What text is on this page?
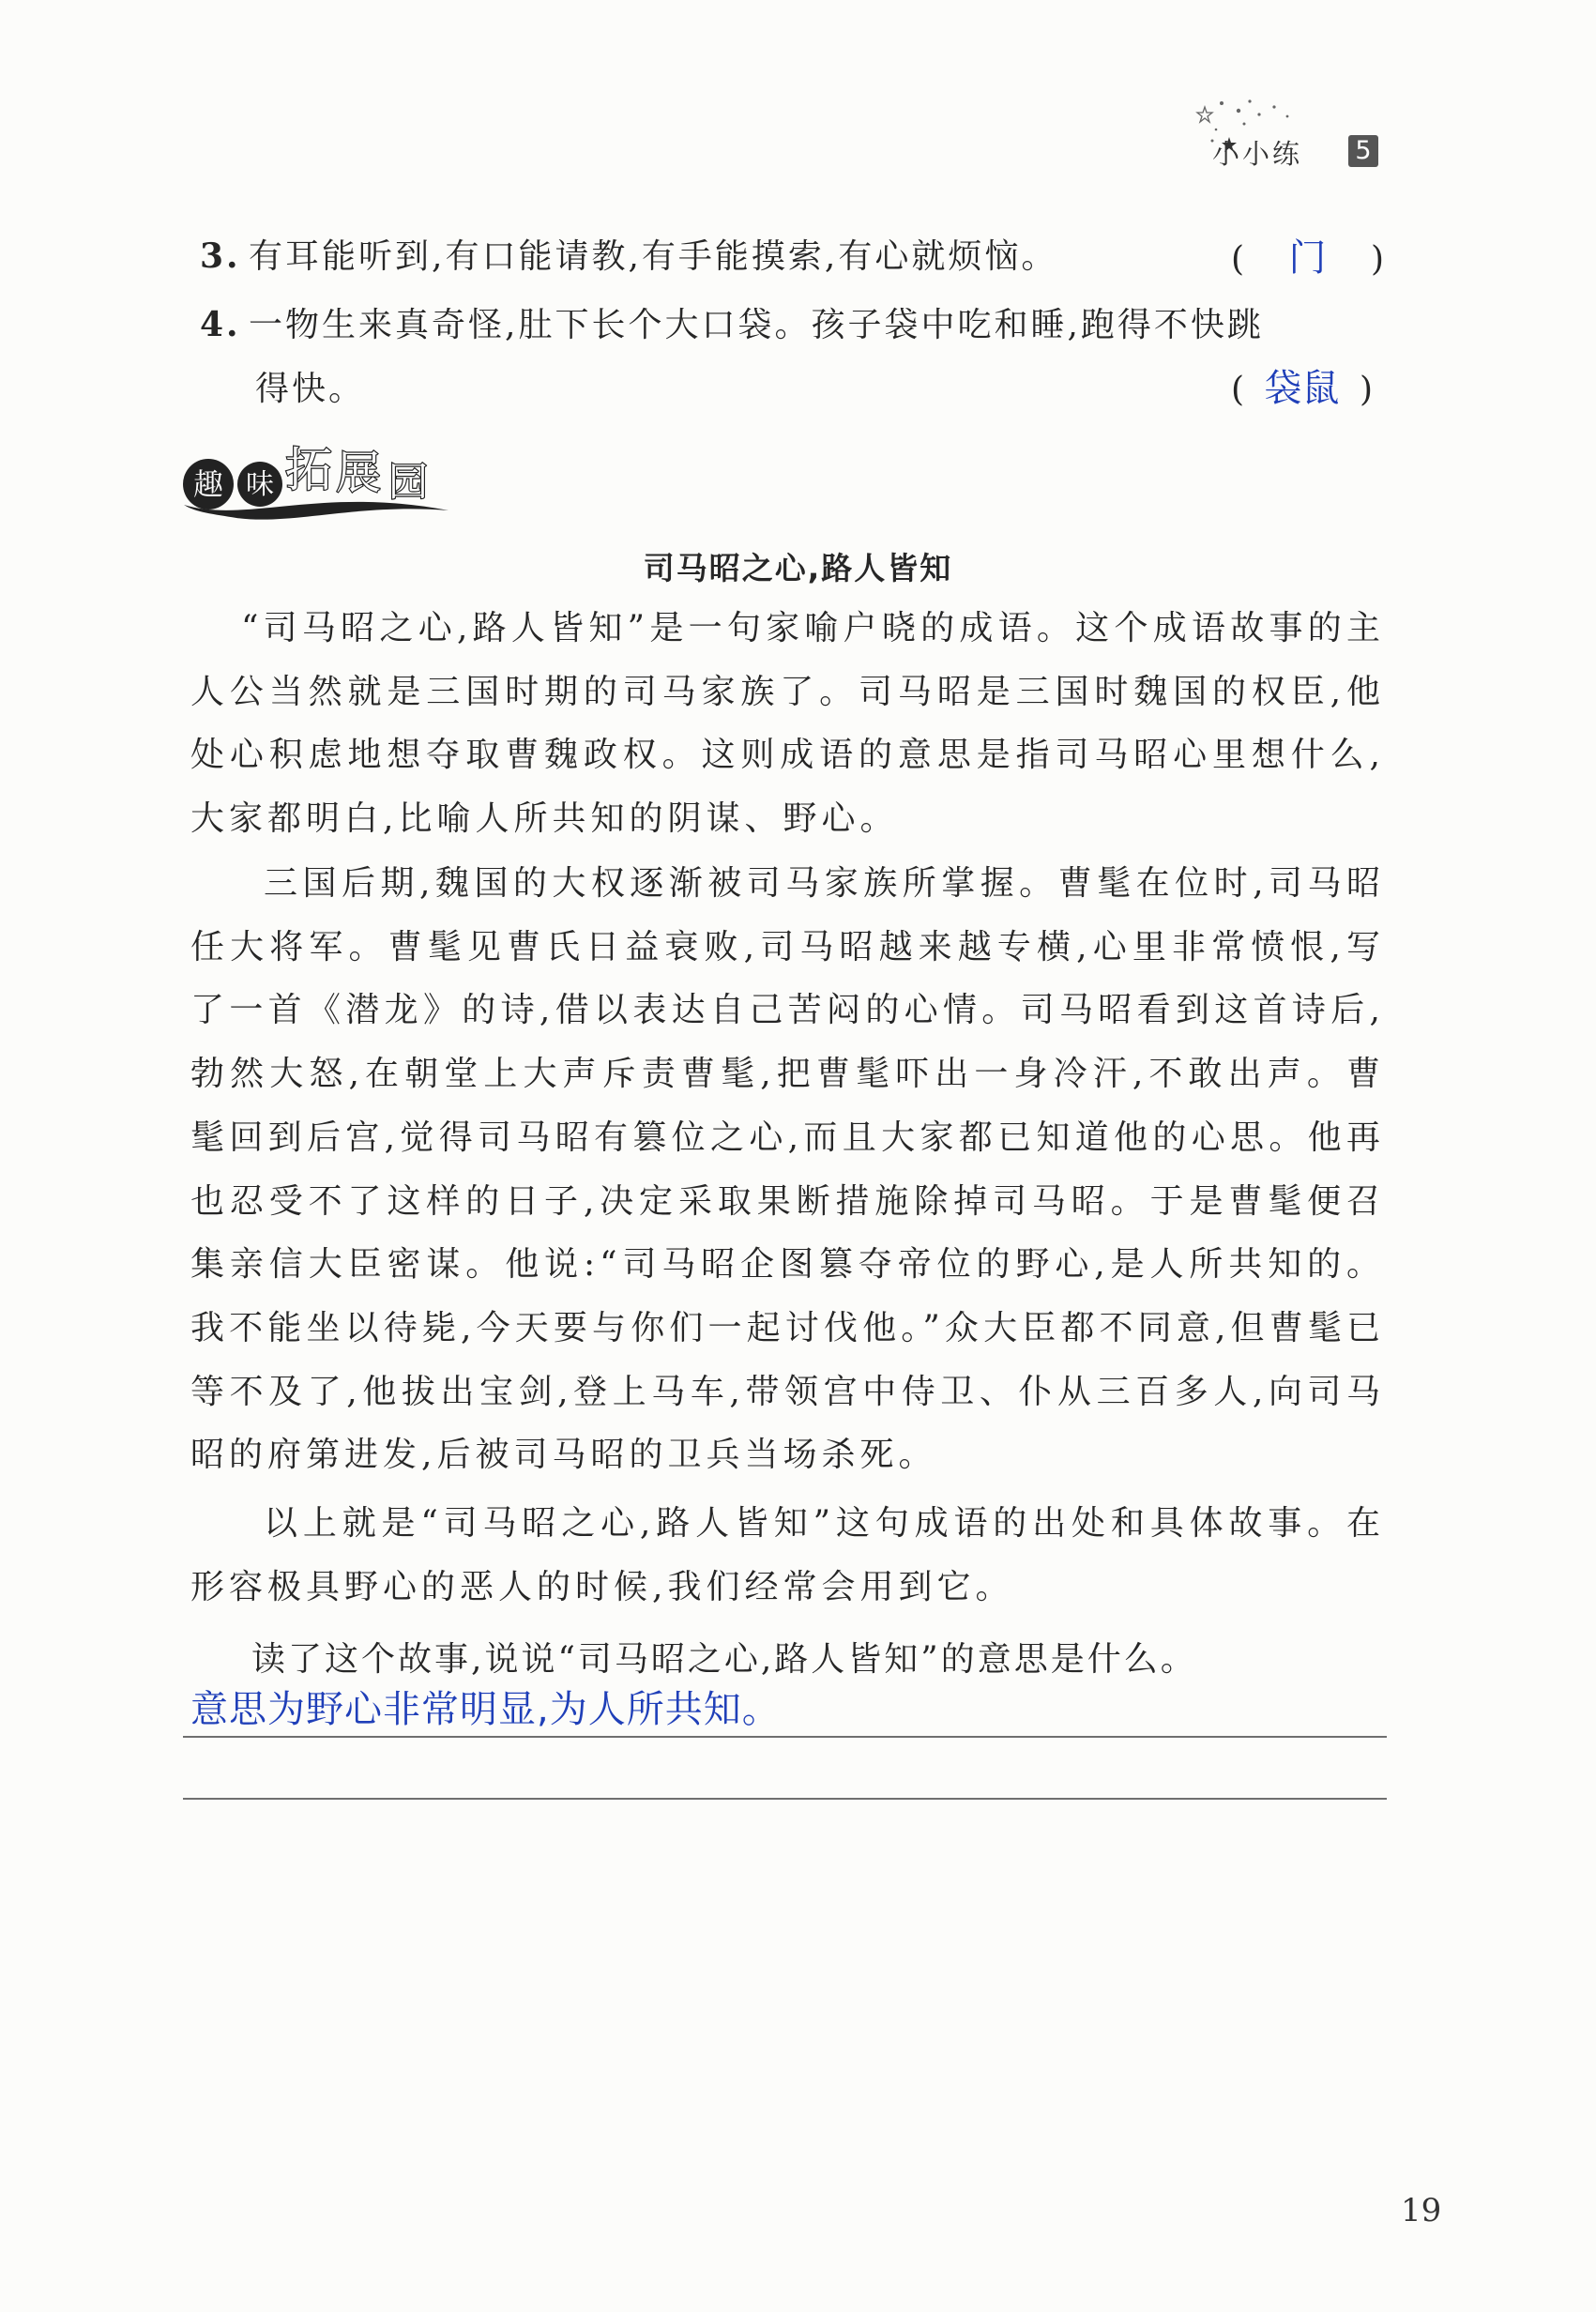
小小练 5
3. 有耳能听到,有口能请教,有手能摸索,有心就烦恼。	( 门 )
4. 一物生来真奇怪,肚下长个大口袋。孩子袋中吃和睡,跑得不快跳
得快。	( 袋鼠 )
趣 味 拓 展 园
司马昭之心,路人皆知

“司马昭之心,路人皆知”是一句家喻户晓的成语。这个成语故事的主人公当然就是三国时期的司马家族了。司马昭是三国时魏国的权臣,他处心积虑地想夺取曹魏政权。这则成语的意思是指司马昭心里想什么,大家都明白,比喻人所共知的阴谋、野心。

三国后期,魏国的大权逐渐被司马家族所掌握。曹髦在位时,司马昭任大将军。曹髦见曹氏日益衰败,司马昭越来越专横,心里非常愤恨,写了一首《潜龙》的诗,借以表达自己苦闷的心情。司马昭看到这首诗后,勃然大怒,在朝堂上大声斥责曹髦,把曹髦吓出一身冷汗,不敢出声。曹髦回到后宫,觉得司马昭有篡位之心,而且大家都已知道他的心思。他再也忍受不了这样的日子,决定采取果断措施除掉司马昭。于是曹髦便召集亲信大臣密谋。他说:“司马昭企图篡夺帝位的野心,是人所共知的。我不能坐以待毙,今天要与你们一起讨伐他。”众大臣都不同意,但曹髦已等不及了,他拔出宝剑,登上马车,带领宫中侍卫、仆从三百多人,向司马昭的府第进发,后被司马昭的卫兵当场杀死。

以上就是“司马昭之心,路人皆知”这句成语的出处和具体故事。在形容极具野心的恶人的时候,我们经常会用到它。

读了这个故事,说说“司马昭之心,路人皆知”的意思是什么。
意思为野心非常明显,为人所共知。
19
